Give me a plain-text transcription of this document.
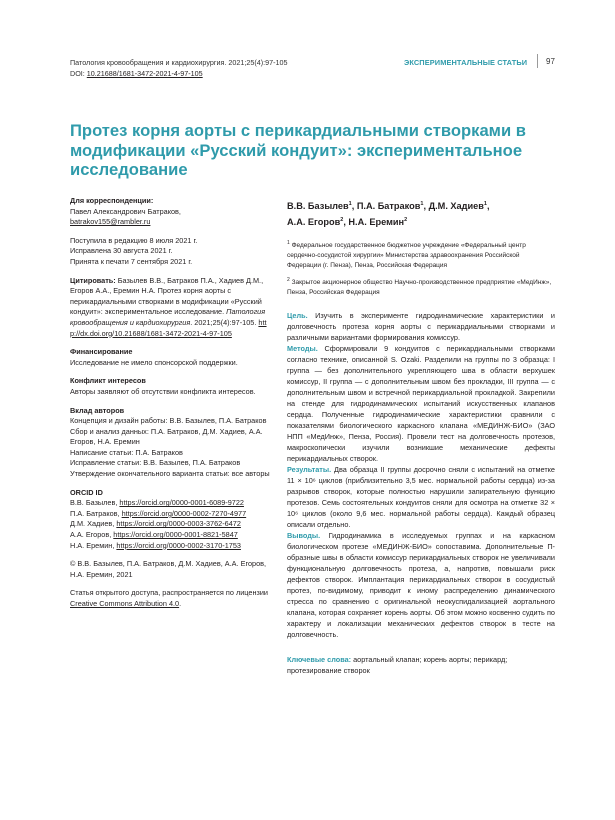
Патология кровообращения и кардиохирургия. 2021;25(4):97-105
DOI: 10.21688/1681-3472-2021-4-97-105
ЭКСПЕРИМЕНТАЛЬНЫЕ СТАТЬИ 97
Протез корня аорты с перикардиальными створками в модификации «Русский кондуит»: экспериментальное исследование
Для корреспонденции:
Павел Александрович Батраков,
batrakov155@rambler.ru
Поступила в редакцию 8 июля 2021 г.
Исправлена 30 августа 2021 г.
Принята к печати 7 сентября 2021 г.

Цитировать: Базылев В.В., Батраков П.А., Хадиев Д.М., Егоров А.А., Еремин Н.А. Протез корня аорты с перикардиальными створками в модификации «Русский кондуит»: экспериментальное исследование. Патология кровообращения и кардиохирургия. 2021;25(4):97-105. http://dx.doi.org/10.21688/1681-3472-2021-4-97-105

Финансирование
Исследование не имело спонсорской поддержки.
Конфликт интересов
Авторы заявляют об отсутствии конфликта интересов.
Вклад авторов
Концепция и дизайн работы: В.В. Базылев, П.А. Батраков
Сбор и анализ данных: П.А. Батраков, Д.М. Хадиев, А.А. Егоров, Н.А. Еремин
Написание статьи: П.А. Батраков
Исправление статьи: В.В. Базылев, П.А. Батраков
Утверждение окончательного варианта статьи: все авторы
ORCID ID
В.В. Базылев, https://orcid.org/0000-0001-6089-9722
П.А. Батраков, https://orcid.org/0000-0002-7270-4977
Д.М. Хадиев, https://orcid.org/0000-0003-3762-6472
А.А. Егоров, https://orcid.org/0000-0001-8821-5847
Н.А. Еремин, https://orcid.org/0000-0002-3170-1753
© В.В. Базылев, П.А. Батраков, Д.М. Хадиев, А.А. Егоров, Н.А. Еремин, 2021
Статья открытого доступа, распространяется по лицензии Creative Commons Attribution 4.0.
В.В. Базылев$^1$, П.А. Батраков$^1$, Д.М. Хадиев$^1$,
А.А. Егоров$^2$, Н.А. Еремин$^2$
$^1$ Федеральное государственное бюджетное учреждение «Федеральный центр сердечно-сосудистой хирургии» Министерства здравоохранения Российской Федерации (г. Пенза), Пенза, Российская Федерация
$^2$ Закрытое акционерное общество Научно-производственное предприятие «МедИнж», Пенза, Российская Федерация

Цель. Изучить в эксперименте гидродинамические характеристики и долговечность протеза корня аорты с перикардиальными створками и различными вариантами формирования комиссур.

Методы. Сформировали 9 кондуитов с перикардиальными створками согласно технике, описанной S. Ozaki. Разделили на группы по 3 образца: I группа — без дополнительного укрепляющего шва в области верхушек комиссур, II группа — с дополнительным швом без прокладки, III группа — с дополнительным швом и встречной перикардиальной прокладкой. Закрепили на стенде для гидродинамических испытаний искусственных клапанов сердца. Полученные гидродинамические характеристики сравнили с показателями биологического каркасного клапана «МЕДИНЖ-БИО» (ЗАО НПП «МедИнж», Пенза, Россия). Провели тест на долговечность протезов, макроскопически изучили возникшие механические дефекты перикардиальных створок.

Результаты. Два образца II группы досрочно сняли с испытаний на отметке 11 × 10⁶ циклов (приблизительно 3,5 мес. нормальной работы сердца) из-за разрывов створок, которые полностью нарушили запирательную функцию протезов. Семь состоятельных кондуитов сняли для осмотра на отметке 32 × 10⁶ циклов (около 9,6 мес. нормальной работы сердца). Каждый образец описали отдельно.

Выводы. Гидродинамика в исследуемых группах и на каркасном биологическом протезе «МЕДИНЖ-БИО» сопоставима. Дополнительные П-образные швы в области комиссур перикардиальных створок не увеличивали функциональную долговечность протеза, а, напротив, повышали риск дефектов створок. Имплантация перикардиальных створок в сосудистый протез, по-видимому, приводит к иному распределению динамического стресса по сравнению с оригинальной неокуспидализацией аортального клапана, которая сохраняет корень аорты. Об этом можно косвенно судить по характеру и локализации механических дефектов створок в тесте на долговечность.

Ключевые слова: аортальный клапан; корень аорты; перикард; протезирование створок
